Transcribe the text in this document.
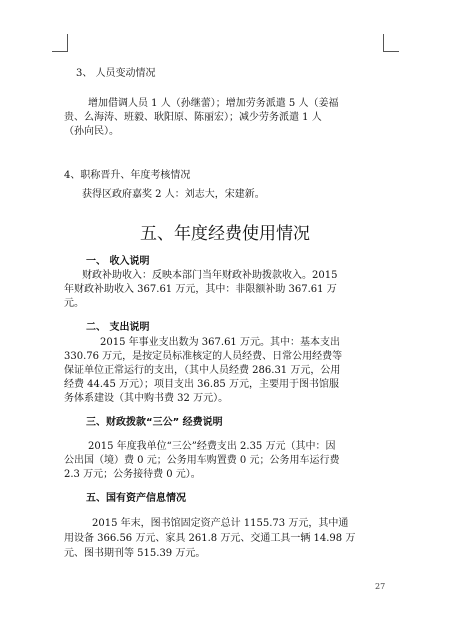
3、 人员变动情况
增加借调人员 1 人（孙继蕾）；增加劳务派遣 5 人（姜福
贵、么海涛、班毅、耿阳原、陈丽宏）；减少劳务派遣 1 人
（孙向民）。
4、职称晋升、年度考核情况
获得区政府嘉奖 2 人：刘志大，宋建新。
五、年度经费使用情况
一、 收入说明
财政补助收入：反映本部门当年财政补助拨款收入。2015
年财政补助收入 367.61 万元，其中：非限额补助 367.61 万
元。
二、 支出说明
2015 年事业支出数为 367.61 万元。其中：基本支出
330.76 万元，是按定员标准核定的人员经费、日常公用经费等
保证单位正常运行的支出，（其中人员经费 286.31 万元，公用
经费 44.45 万元）；项目支出 36.85 万元，主要用于图书馆服
务体系建设（其中购书费 32 万元）。
三、财政拨款“三公” 经费说明
2015 年度我单位“三公”经费支出 2.35 万元（其中：因
公出国（境）费 0 元；公务用车购置费 0 元；公务用车运行费
2.3 万元；公务接待费 0 元）。
五、国有资产信息情况
2015 年末，图书馆固定资产总计 1155.73 万元，其中通
用设备 366.56 万元、家具 261.8 万元、交通工具一辆 14.98 万
元、图书期刊等 515.39 万元。
27
